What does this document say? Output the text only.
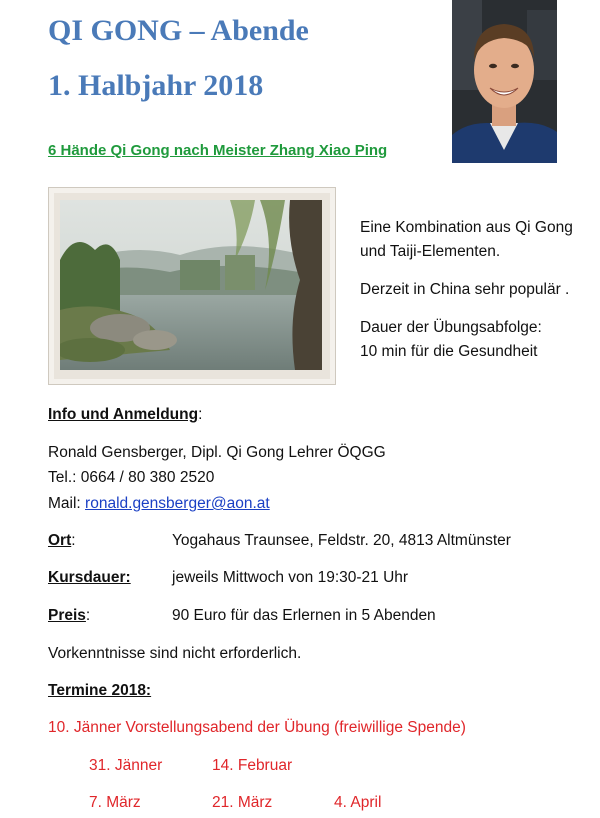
QI GONG – Abende
1. Halbjahr 2018
6 Hände Qi Gong nach Meister Zhang Xiao Ping
Eine Kombination aus Qi Gong
und Taiji-Elementen.
Derzeit in China sehr populär .
Dauer der Übungsabfolge:
10 min für die Gesundheit
Info und Anmeldung:
Ronald Gensberger, Dipl. Qi Gong Lehrer ÖQGG
Tel.: 0664 / 80 380 2520
Mail: ronald.gensberger@aon.at
Ort:	Yogahaus Traunsee, Feldstr. 20, 4813 Altmünster
Kursdauer:	jeweils Mittwoch von 19:30-21 Uhr
Preis:	90 Euro für das Erlernen in 5 Abenden
Vorkenntnisse sind nicht erforderlich.
Termine 2018:
10. Jänner Vorstellungsabend der Übung (freiwillige Spende)
31. Jänner	14. Februar
7. März	21. März	4. April
